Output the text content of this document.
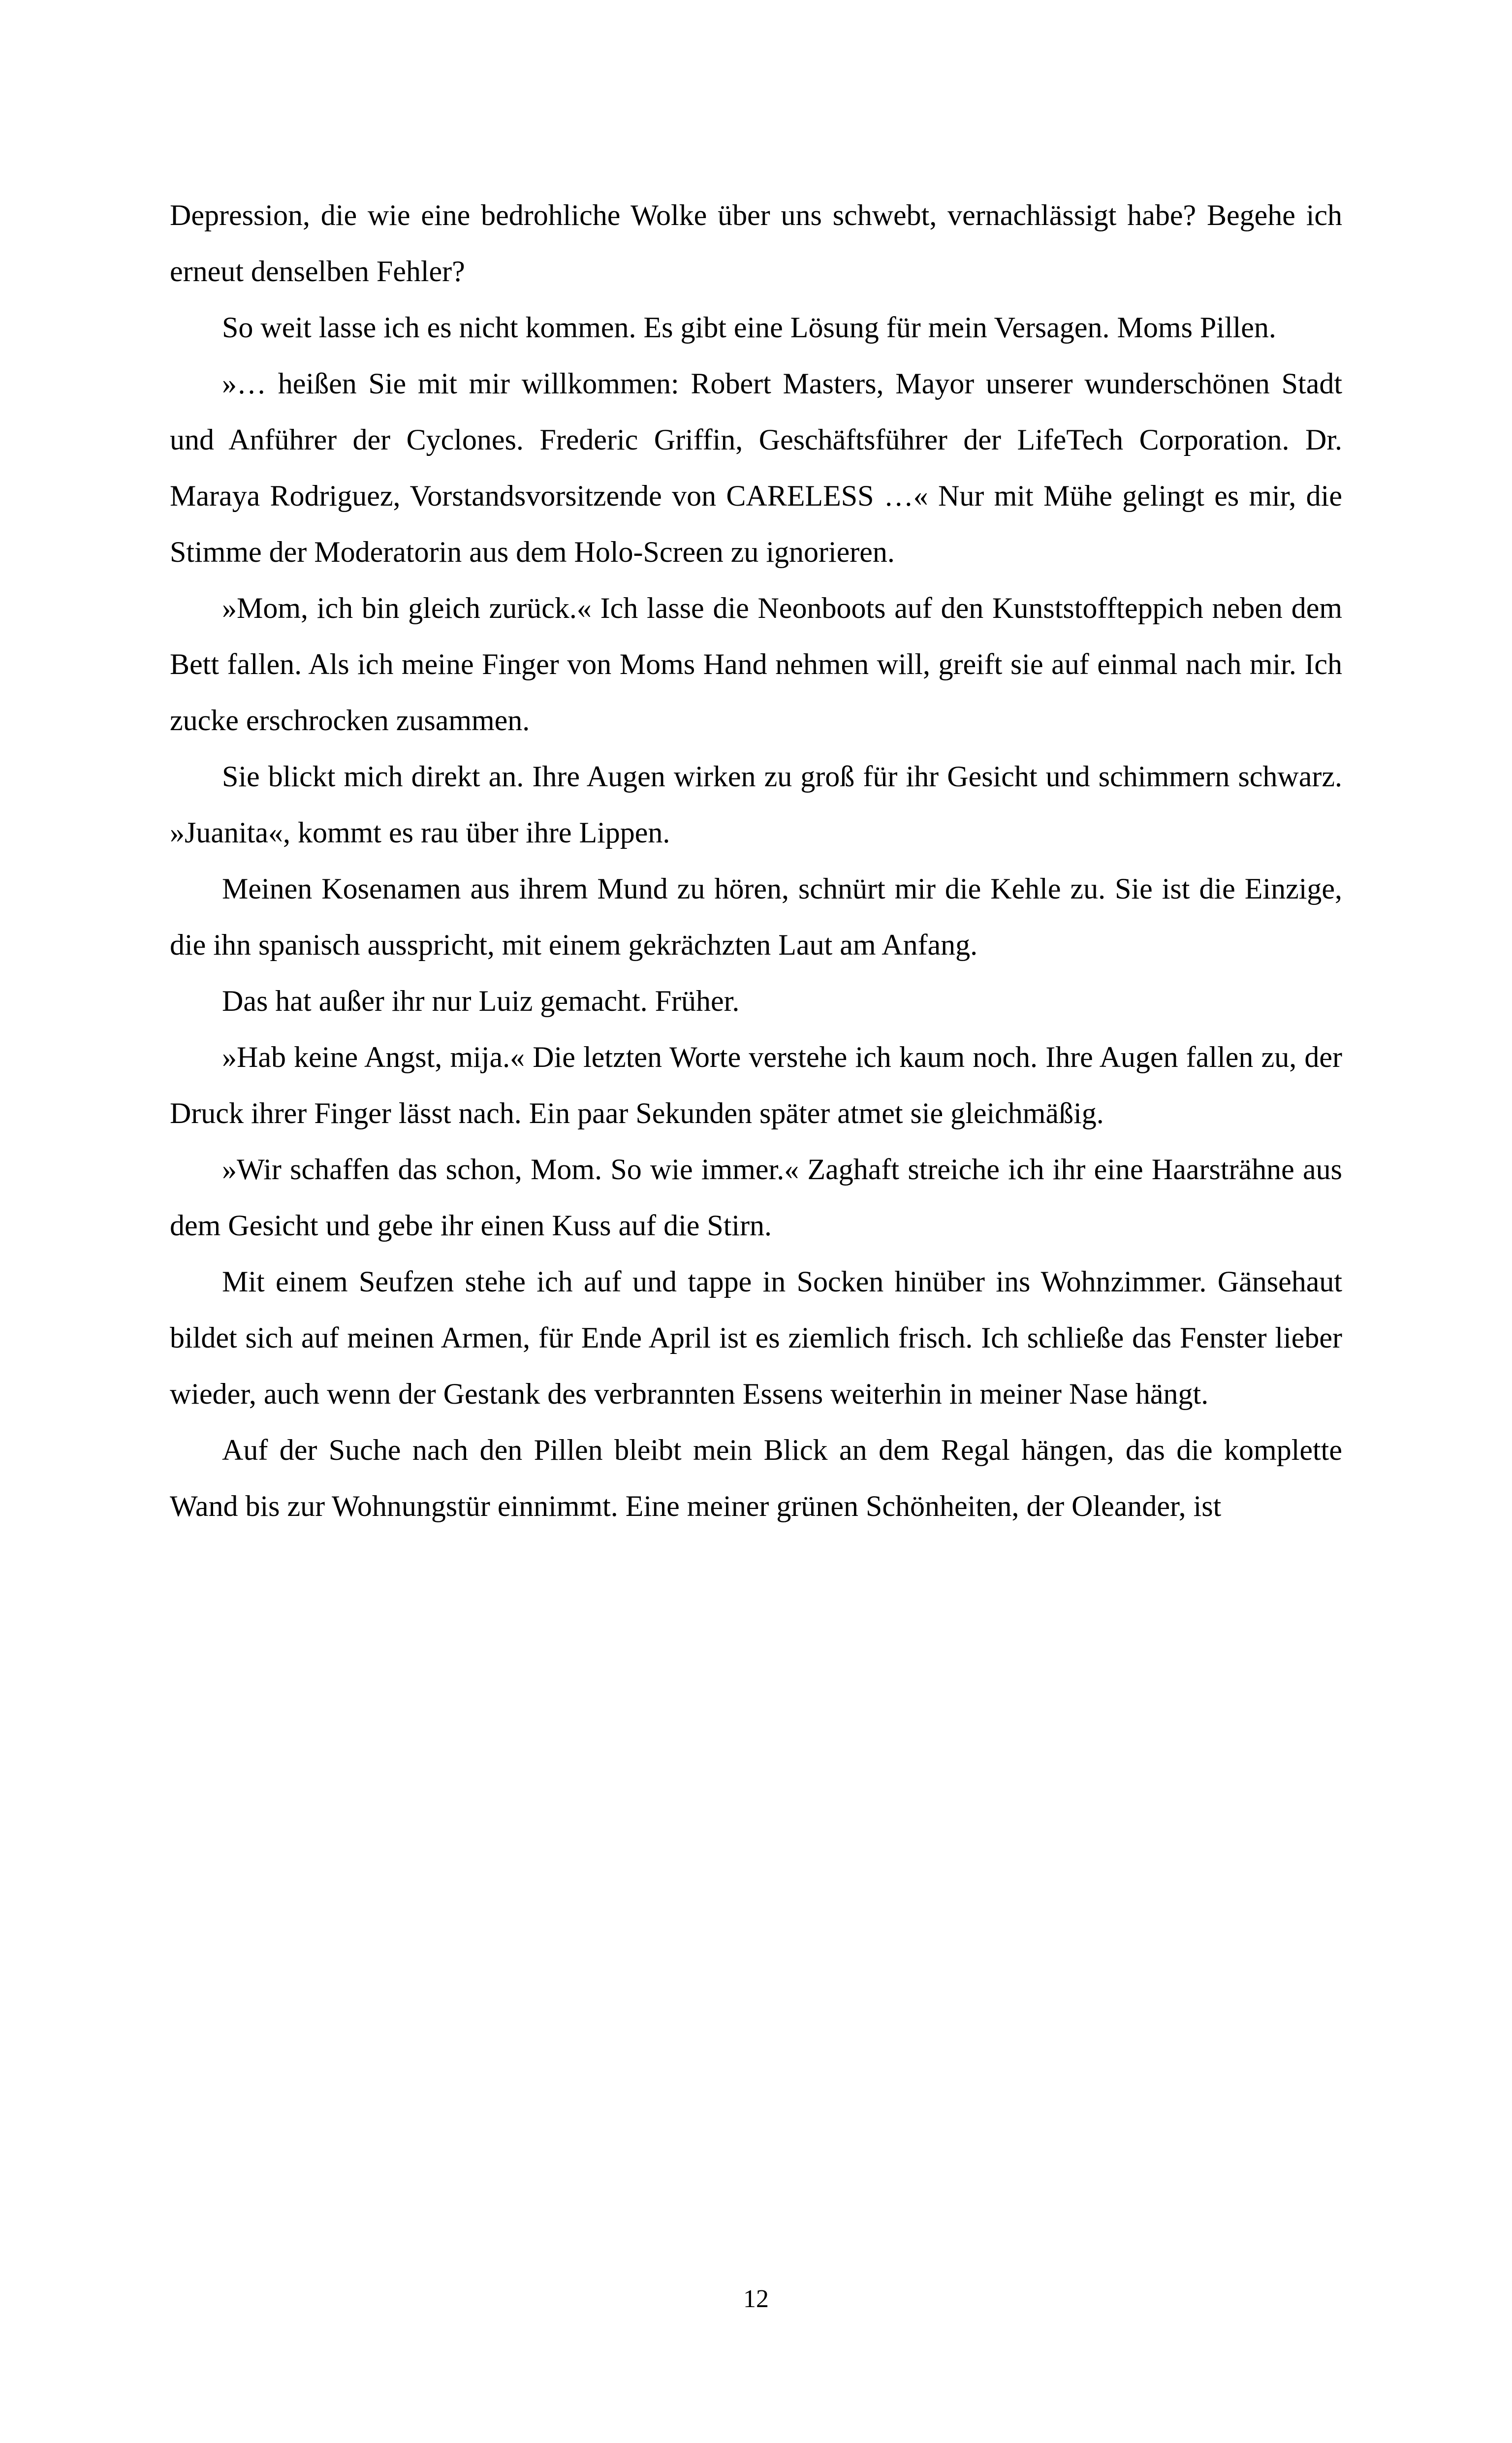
Depression, die wie eine bedrohliche Wolke über uns schwebt, vernachlässigt habe? Begehe ich erneut denselben Fehler?

So weit lasse ich es nicht kommen. Es gibt eine Lösung für mein Versagen. Moms Pillen.

»… heißen Sie mit mir willkommen: Robert Masters, Mayor unserer wunderschönen Stadt und Anführer der Cyclones. Frederic Griffin, Geschäftsführer der LifeTech Corporation. Dr. Maraya Rodriguez, Vorstandsvorsitzende von CARELESS …« Nur mit Mühe gelingt es mir, die Stimme der Moderatorin aus dem Holo-Screen zu ignorieren.

»Mom, ich bin gleich zurück.« Ich lasse die Neonboots auf den Kunststoffteppich neben dem Bett fallen. Als ich meine Finger von Moms Hand nehmen will, greift sie auf einmal nach mir. Ich zucke erschrocken zusammen.

Sie blickt mich direkt an. Ihre Augen wirken zu groß für ihr Gesicht und schimmern schwarz. »Juanita«, kommt es rau über ihre Lippen.

Meinen Kosenamen aus ihrem Mund zu hören, schnürt mir die Kehle zu. Sie ist die Einzige, die ihn spanisch ausspricht, mit einem gekrächzten Laut am Anfang.

Das hat außer ihr nur Luiz gemacht. Früher.

»Hab keine Angst, mija.« Die letzten Worte verstehe ich kaum noch. Ihre Augen fallen zu, der Druck ihrer Finger lässt nach. Ein paar Sekunden später atmet sie gleichmäßig.

»Wir schaffen das schon, Mom. So wie immer.« Zaghaft streiche ich ihr eine Haarsträhne aus dem Gesicht und gebe ihr einen Kuss auf die Stirn.

Mit einem Seufzen stehe ich auf und tappe in Socken hinüber ins Wohnzimmer. Gänsehaut bildet sich auf meinen Armen, für Ende April ist es ziemlich frisch. Ich schließe das Fenster lieber wieder, auch wenn der Gestank des verbrannten Essens weiterhin in meiner Nase hängt.

Auf der Suche nach den Pillen bleibt mein Blick an dem Regal hängen, das die komplette Wand bis zur Wohnungstür einnimmt. Eine meiner grünen Schönheiten, der Oleander, ist

12
